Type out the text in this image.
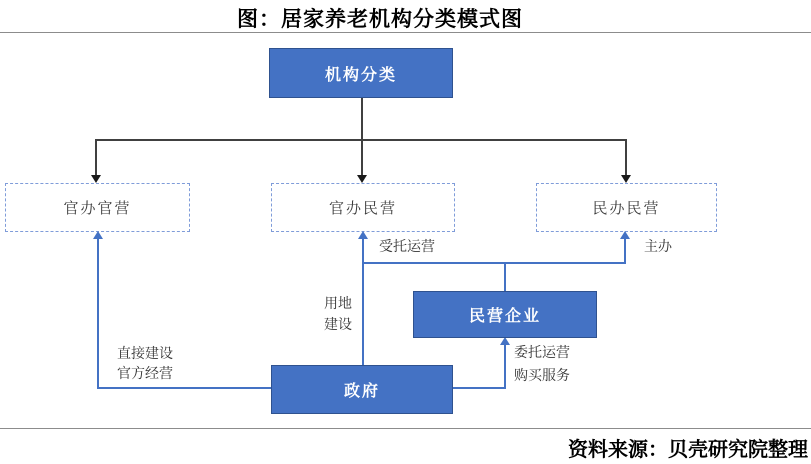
图：居家养老机构分类模式图
机构分类
官办官营	官办民营	民办民营
民营企业
政府
受托运营	主办
用地
建设
直接建设
官方经营
委托运营
购买服务
资料来源：贝壳研究院整理
